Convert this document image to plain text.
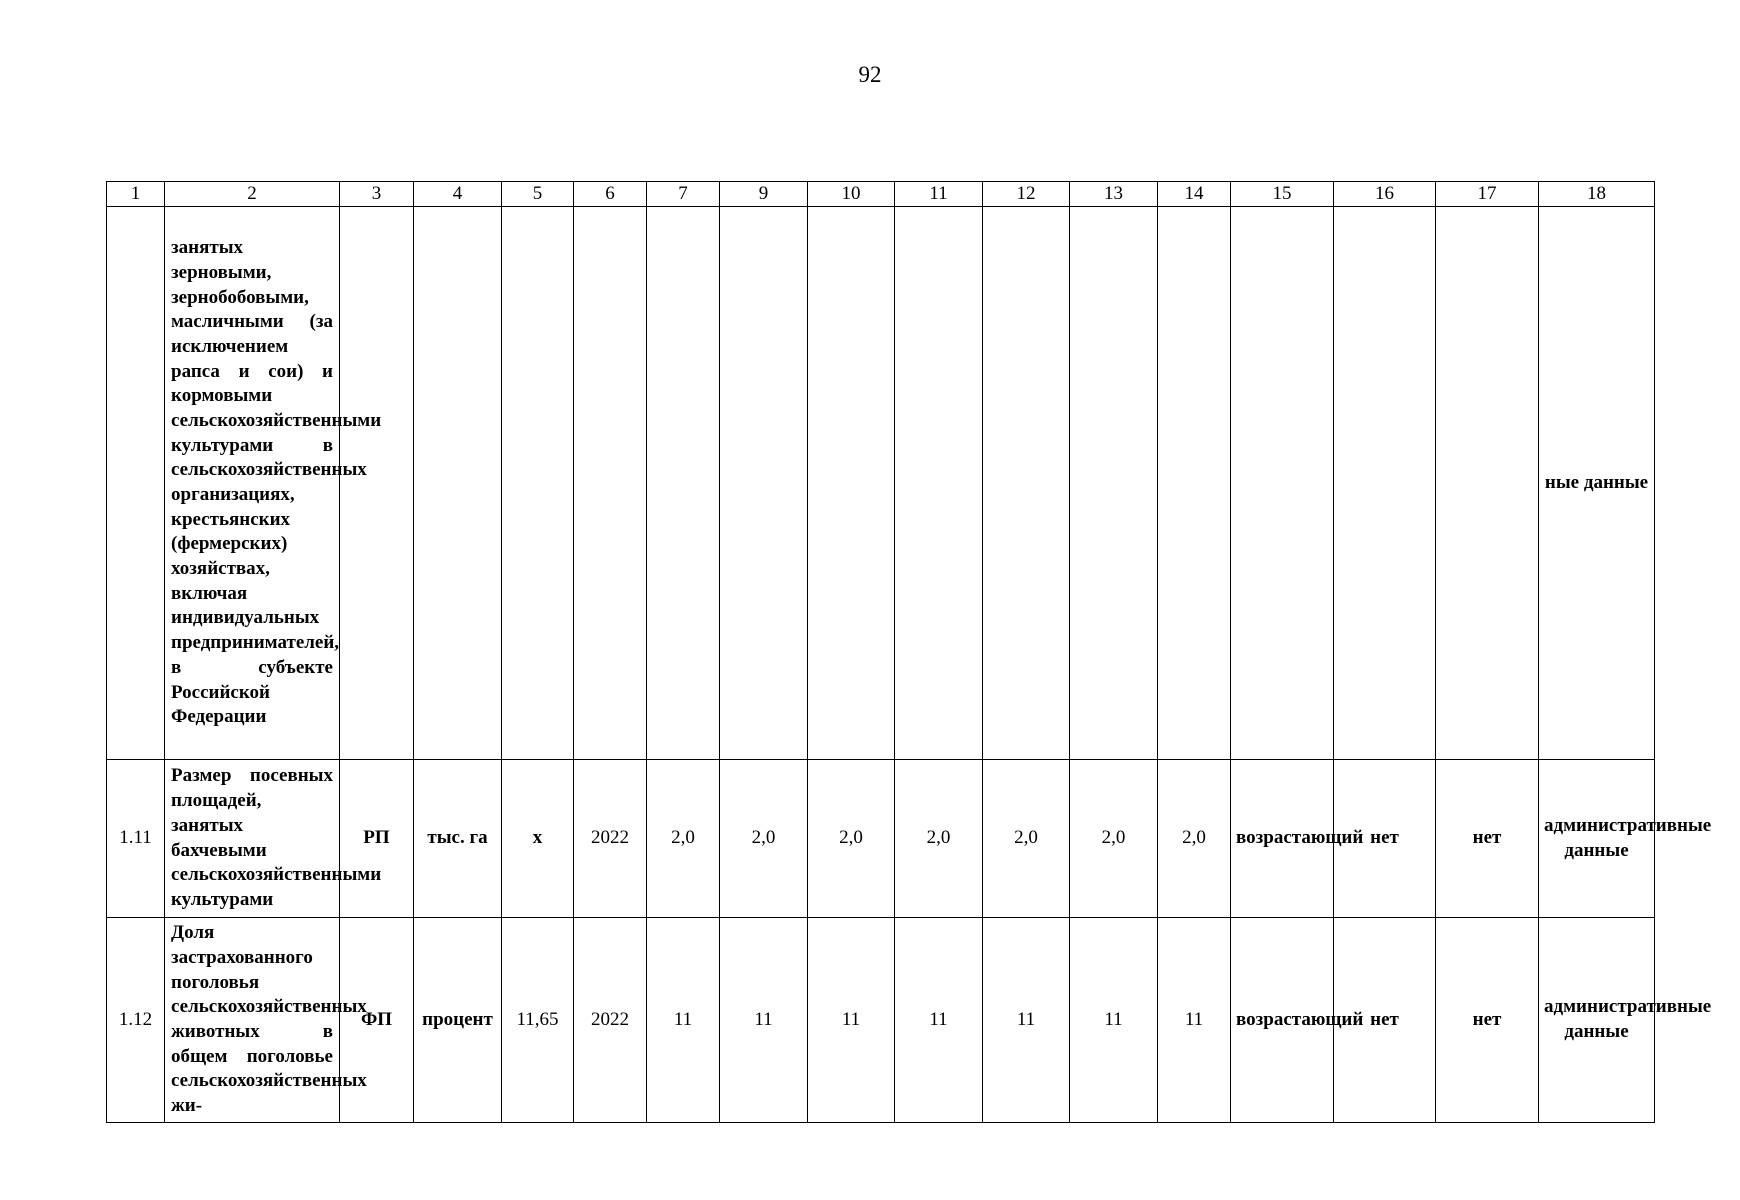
92
1	2	3	4	5	6	7	9	10	11	12	13	14	15	16	17	18
	занятых зерновыми, зернобобовыми, масличными (за исключением рапса и сои) и кормовыми сельскохозяйственными культурами в сельскохозяйственных организациях, крестьянских (фермерских) хозяйствах, включая индивидуальных предпринимателей, в субъекте Российской Федерации															ные данные
1.11	Размер посевных площадей, занятых бахчевыми сельскохозяйственными культурами	РП	тыс. га	х	2022	2,0	2,0	2,0	2,0	2,0	2,0	2,0	возрастающий	нет	нет	административные данные
1.12	Доля застрахованного поголовья сельскохозяйственных животных в общем поголовье сельскохозяйственных жи-	ФП	процент	11,65	2022	11	11	11	11	11	11	11	возрастающий	нет	нет	административные данные
